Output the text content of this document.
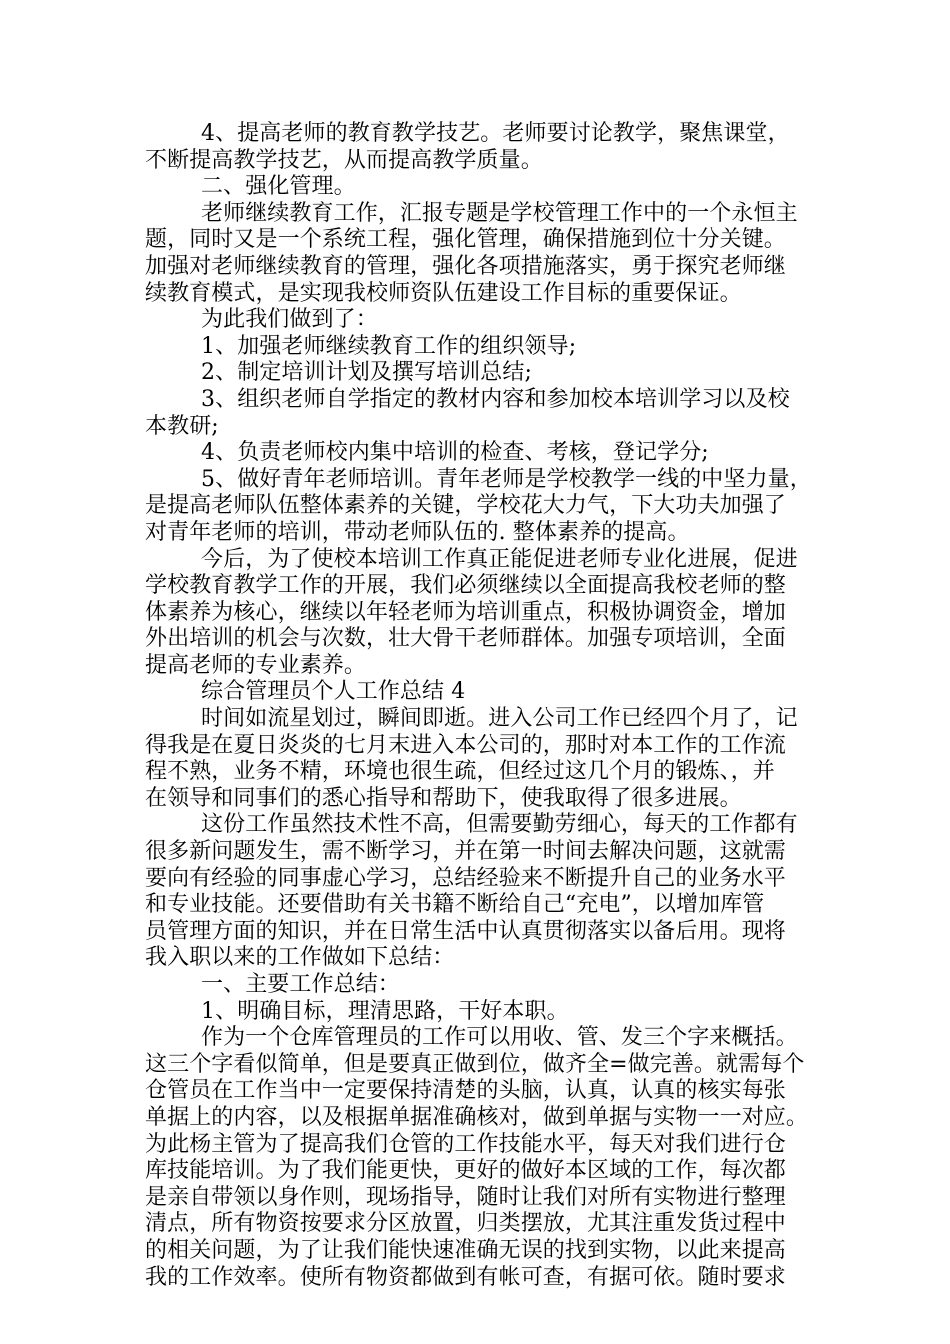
4、提高老师的教育教学技艺。老师要讨论教学，聚焦课堂，
不断提高教学技艺，从而提高教学质量。
二、强化管理。
老师继续教育工作，汇报专题是学校管理工作中的一个永恒主
题，同时又是一个系统工程，强化管理，确保措施到位十分关键。
加强对老师继续教育的管理，强化各项措施落实，勇于探究老师继
续教育模式，是实现我校师资队伍建设工作目标的重要保证。
为此我们做到了：
1、加强老师继续教育工作的组织领导;
2、制定培训计划及撰写培训总结;
3、组织老师自学指定的教材内容和参加校本培训学习以及校
本教研;
4、负责老师校内集中培训的检查、考核，登记学分;
5、做好青年老师培训。青年老师是学校教学一线的中坚力量，
是提高老师队伍整体素养的关键，学校花大力气，下大功夫加强了
对青年老师的培训，带动老师队伍的. 整体素养的提高。
今后，为了使校本培训工作真正能促进老师专业化进展，促进
学校教育教学工作的开展，我们必须继续以全面提高我校老师的整
体素养为核心，继续以年轻老师为培训重点，积极协调资金，增加
外出培训的机会与次数，壮大骨干老师群体。加强专项培训，全面
提高老师的专业素养。
综合管理员个人工作总结 4
时间如流星划过，瞬间即逝。进入公司工作已经四个月了，记
得我是在夏日炎炎的七月末进入本公司的，那时对本工作的工作流
程不熟，业务不精，环境也很生疏，但经过这几个月的锻炼、，并
在领导和同事们的悉心指导和帮助下，使我取得了很多进展。
这份工作虽然技术性不高，但需要勤劳细心，每天的工作都有
很多新问题发生，需不断学习，并在第一时间去解决问题，这就需
要向有经验的同事虚心学习，总结经验来不断提升自己的业务水平
和专业技能。还要借助有关书籍不断给自己“充电”，以增加库管
员管理方面的知识，并在日常生活中认真贯彻落实以备后用。现将
我入职以来的工作做如下总结：
一、主要工作总结：
1、明确目标，理清思路，干好本职。
作为一个仓库管理员的工作可以用收、管、发三个字来概括。
这三个字看似简单，但是要真正做到位，做齐全=做完善。就需每个
仓管员在工作当中一定要保持清楚的头脑，认真，认真的核实每张
单据上的内容，以及根据单据准确核对，做到单据与实物一一对应。
为此杨主管为了提高我们仓管的工作技能水平，每天对我们进行仓
库技能培训。为了我们能更快，更好的做好本区域的工作，每次都
是亲自带领以身作则，现场指导，随时让我们对所有实物进行整理
清点，所有物资按要求分区放置，归类摆放，尤其注重发货过程中
的相关问题，为了让我们能快速准确无误的找到实物，以此来提高
我的工作效率。使所有物资都做到有帐可查，有据可依。随时要求
